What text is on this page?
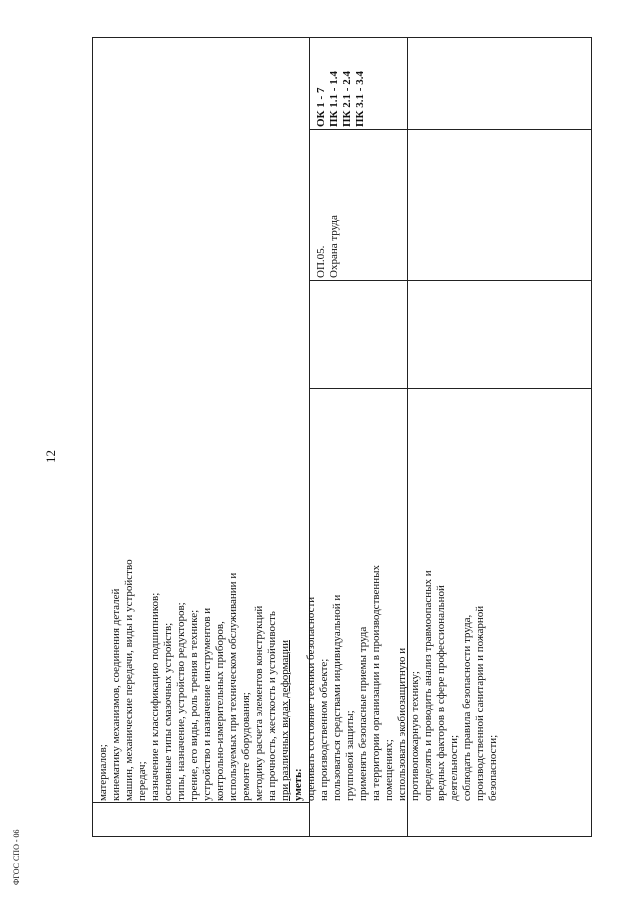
12
ФГОС СПО - 06
материалов; кинематику механизмов, соединения деталей машин, механические передачи, виды и устройство передач; назначение и классификацию подшипников; основные типы смазочных устройств; типы, назначение, устройство редукторов; трение, его виды, роль трения в технике; устройство и назначение инструментов и контрольно-измерительных приборов, используемых при техническом обслуживании и ремонте оборудования; методику расчета элементов конструкций на прочность, жесткость и устойчивость при различных видах деформации уметь: оценивать состояние техники безопасности на производственном объекте; пользоваться средствами индивидуальной и групповой защиты; применять безопасные приемы труда на территории организации и в производственных помещениях; использовать экобиозащитную и противопожарную технику; определять и проводить анализ травмоопасных и вредных факторов в сфере профессиональной деятельности; соблюдать правила безопасности труда, производственной санитарии и пожарной безопасности;
ОП.05. Охрана труда
ОК 1 - 7 ПК 1.1 - 1.4 ПК 2.1 - 2.4 ПК 3.1 - 3.4
